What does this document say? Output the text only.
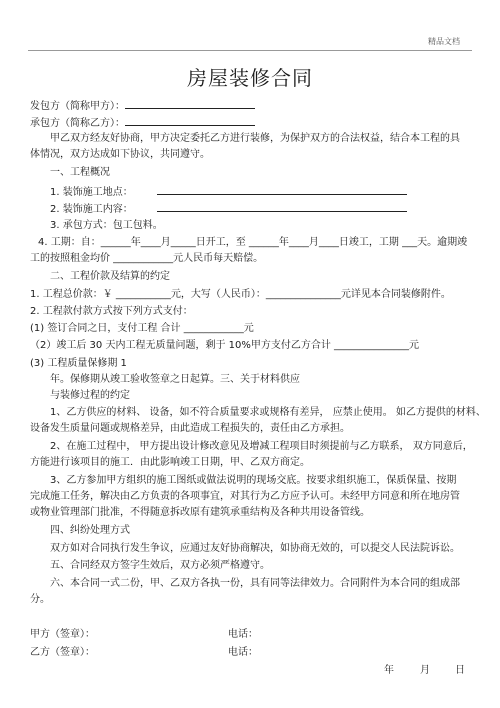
精品文档
房屋装修合同
发包方（简称甲方）：
承包方（简称乙方）：
甲乙双方经友好协商，甲方决定委托乙方进行装修，为保护双方的合法权益，结合本工程的具
体情况，双方达成如下协议，共同遵守。
一、工程概况
1. 装饰施工地点：
2. 装饰施工内容：
3. 承包方式：包工包料。
4. 工期：自：______年____月_____日开工，至 ______年____月____日竣工，工期 ___天。逾期竣
工的按照租金均价 ____________元人民币每天赔偿。
二、工程价款及结算的约定
1. 工程总价款：￥ ___________元，大写（人民币）：_______________元详见本合同装修附件。
2. 工程款付款方式按下列方式支付：
(1) 签订合同之日，支付工程 合计 ____________元
（2）竣工后 30 天内工程无质量问题，剩于 10%甲方支付乙方合计 _______________元
(3) 工程质量保修期 1
年。保修期从竣工验收签章之日起算。三、关于材料供应
与装修过程的约定
1、乙方供应的材料、 设备，如不符合质量要求或规格有差异， 应禁止使用。 如乙方提供的材料、
设备发生质量问题或规格差异，由此造成工程损失的，责任由乙方承担。
2、在施工过程中， 甲方提出设计修改意见及增减工程项目时须提前与乙方联系， 双方同意后，
方能进行该项目的施工．由此影响竣工日期，甲、乙双方商定。
3、乙方参加甲方组织的施工图纸或做法说明的现场交底。按要求组织施工，保质保量、按期
完成施工任务，解决由乙方负责的各项事宜，对其行为乙方应予认可。未经甲方同意和所在地房管
或物业管理部门批准，不得随意拆改原有建筑承重结构及各种共用设备管线。
四、纠纷处理方式
双方如对合同执行发生争议，应通过友好协商解决，如协商无效的，可以提交人民法院诉讼。
五、合同经双方签字生效后，双方必须严格遵守。
六、本合同一式二份，甲、乙双方各执一份，具有同等法律效力。合同附件为本合同的组成部
分。
甲方（签章）：	电话：
乙方（签章）：	电话：
年	月	日
